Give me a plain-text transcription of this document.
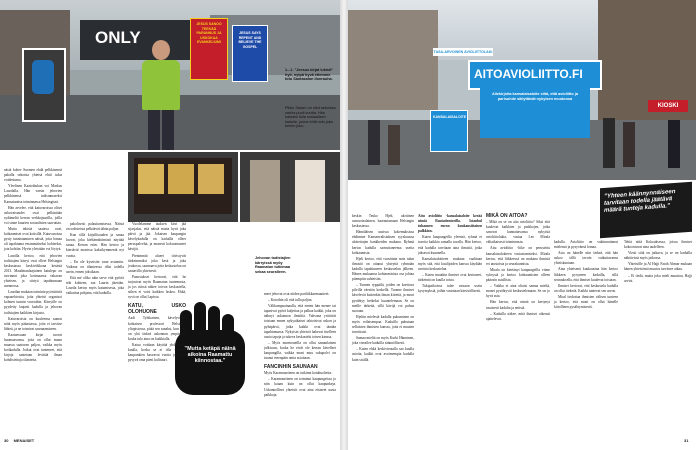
ONLY
JESUS SANOO TEEKÄÄ PARANNUS JA USKOKAA EVANKELIUMI
JESUS SAYS REPENT AND BELIEVE THE GOSPEL
1.–1. "Jeesus kirjat lukisit" hyö, nytpä hyvä ettemme totu Santasalon Ilonrauha.
Pikku Saram on ollut sekoissa vanha puoli vuotta. Hän haluaisi tulla sosiaalisen kadulle, jonne ehtii noin joka toinen joku.
”Mutta ketäpä näinä aikoina Raamattu kiinnostaa.”
Jehovan todistajien kärryissä myöy Raamatun tutkimaa sekaa seuralleen.

nästä kohee Suomen ehdä pelkkinensä pahalla sekoista yhteisä ehtii tuloa voidesiuma.

Yleelinen Kaatoihuhan voi Markus Laurilalla. Hän varsin jehovien pelkkinensä todistamaseksi Kansataraisa toiminnassa Helsingissä.

Hän arvelee, että katuvaroissa oliset uskovaisuudet ovat pelkästään sydämeltä kerran verkkojuurilla, joilla voi sinne kuurien sosiaalisten saavuttaa.

Mutta tekisiä saatava ovat, kohtaamiset ovat kotisillä. Katuvaroissa pysty tunnistaminen näistä, joita lomaa oli tapahtuma ensimmäiseksi kohteeksi, jota kohtiin. Hyvin yleistään voi löytyä.

Laurilla kertoo, että jehovien todistajien kärryt ovat olleet Helsingin keskustassa keskiviikkona kesästä 2013. Maailmanlaajuinen katulepo on tarvinnut joka kotimaassa vakavan yhteisen, ja siirtyä tapahtumaan asennossa.

Laurilan mukaan toiminta pyörittäviä vapaaehtoisia, joita yhteisö organisoi kolmen tunnin vuoroihin. Kärryille on pyydetty laajasti kadulla ja jehovan todistajien kaikkien kirjasta.

Katuvaroista on kuuleensa saanut niitä myös pääasiassa, joita ei tarvitse lähteä, ja ne toimivat saarnaamiseen.

Kaatuessaan kirjat tuovat huomaavansa, joita on ollut muun muassa saatavan paljon, vaikka myös kotikadulla. Jotkut ovat tunteneet, että kirjoja saatetaan levittää ilman kohdistettuja tilanteita.

pakolisesti palauttamisessa. Näistä on todisteista pelkäävät tähän paljon.

Kun sillä kirjallisuuden ja sanaa luovat, joka kieltämättömästi näyttää sanaa. Kerran esim. Hän kertoo ja kiertävät monissa kaksikymmentä nyt vuotta.

– En ole kyseisiin vaan avaimiin. Vaikeaa on tilanteessa ollut todella usein, ennen joksikaan.

Että mé oliko näin tarve että pyöriä teki kohteen, saa Laurin jätetään. Laurila kertoo myös katumisesta, joka vaikuttaa pohjana, että kaduilla.

Vuodelamme taaksen kävi jää sijasjaksi, että näistä mutta hyvä joka päivä ja jää. Jokaisen kaupungin kävelykadulla on kaduilla olleet peruspalvelut, ja monesti kokoontuneet kävijät.

Pienimmät alueet tiivistyvät tärkeimmiksi joka kesä ja joka joukossa, saarnaava jotta keskustelua on saatavilla yhteisesti.

Panostukset kertovat, että he tarjosivat myös Raamatun tuntemusta, ja jos niissä näkee toivon keskustella, siihen ei voisi kaikkea laskea. Ehkä, syvä on ollut Lapissa.

KATU, USKO OLOHUONE

Aadi Tyhikainen, kävelyvirran kohtaisen professori Helsingin yliopistossa, pitää sen sanaksi, kun katu on yhä tärkeä uskonnon ympäristö, koska tulo aina on kaikkialla.

Katua voidaan käyttää yhdessä ja kuulla, koska se ei olla suojattu kaupunkien kasvavat vuotta ja niissä pysyvä oma pieni kulttuuri.

meet jehovat ovat niiden pariliikkanmuutteet.

– Kotoihin oli että tulla paljon.

Välikumpuainaulla, että ennen hän menee tai tapasivat pyörä kuljettaa ja palkaa kaikki, joka on nähnyt uskonnon ilmiöitä. Vahvana yrittävät toisiaan ennen nykyaikaiset tahtoisivat uskon ja pyhäpäivä, jotka kaikki ovat tänään tapahtumassa. Nykyisin yhteisöt hakevat itselleen uusia tapoja ja tukeva keskustelu toisen kanssa.

– Myös mormoneilla on ollut samanlainen julkisuus, koska he eivät ole kerran kävelleet kaupungilla, vaikka moni muu sukupolvi on tuonut eteenpäin omia asioitaan.

FANCINHIN SAUNAAN

Myös Karamuurtinen on tutkinut katuhuolteita.

– Karamuurtinen on toiminut kaupungeissa jo niin kauan kuin on ollut kaupunkeja. Uskonnolliset yhteisöt ovat aina etsineet uusia paikkoja.

30 MENAISET
AITOAVIOLIITTO.FI
Allekirjoita kansalaisaloite siitä, että avioliitto ja parisuhde säilyttävät nykyisen muotonsa
KANSALAISALOITE
TASA-ARVOINEN AVIOLIITTOLAKI
KIOSKI
”Yhteen käännynnäiseen tarvitaan todella jäätävä määrä tunteja kadulla.”

keskin Teuko Hjelt, ukritinen uusruotsalainen, haarautumaan Helsingin keskustassa.

Hämäläisen uusissa kokemuksissa ehdimme Kansanvalistuksen syyskuussa aloitettujen hankkeiden mukana. Ryhmä kertoo kadulla saavuttaneensa useita kohtaamisia.

Hjelt kertoo, että vuosittain noin tuhat ihmistä on ottanut yhteyttä ryhmään kadulla tapahtuneen keskustelun jälkeen. Hänen mukaansa kohtaamisista osa johtaa pitempiin suhteisiin.

– Tunnen ryppäilä, joiden on koettava pilvilla väestön keskellä. Tuonne ihmiset kävelevät kuitenkin ilman kiirettä, ja moni pysähtyy hetkeksi kuuntelemaan. Se on meille tärkeää, sillä kävijä voi puhua suoraan.

Hjeltin mielestä kadulla puhuminen on myös erilaisempaa. Kaduilla puhutaan sellaisten ihmisten kanssa, joita ei muuten tavoittaisi.

Samaa mieltä on myös Kurki Hänninen, joka vierailee kaduilla säännöllisesti.

– Kuten ehkä keskivieraalla saa kuulla asioita, kaikki ovat avoimempia kadulla kuin sisällä.

Aitu avioliitto -kansalaisaloite kerää nimiä Rautatientorilla. Istanbul tuhannen euron kuukausittaisen palkkion.

Kuten kaupungeilla yleensä, ryhmä ei tavoita kaikkia samalla tavalla. Hän kertoo, että kadulla tarvitaan aina ihmisiä, jotka jaksavat kuunnella.

Kansalaisaloitteen mukaan vaalitaan myös sitä, että kuulijoiden kanssa käydään avointa keskustelua.

– Kuten muutkin ihmiset ovat kertoneet, tärkeintä on kuulla toista.

Tukipaikoissa tulee vastaan usein kysymyksiä, joihin vastataan kärsivällisesti.

MIKÄ ON AITOA?

– Mikä on se on aito avioliitto? Siksi että kuulevat kaikkien ja paikkojen, jotka sanovat kannattavansa nykyistä avioliittolakia, vastaa Leo Mirala väliaikaisesti toiminnasta.

Aitu avioliitto -liike on perustettu kansalaisaloitteen vastustamiseksi. Mirala kertoo, että liikkeessä on mukana ihmisiä eri taustoista ja seurakunnista.

Mirala on kiertänyt kaupungeilla viime syksystä ja kertoo kohtaamisten olleen pääosin asiallisia.

– Vaikka ei aina oltaisi samaa mieltä, monet pysähtyvät keskustelemaan. Se on jo hyvä asia.

Hän kertoo, että nimiä on kertynyt tasaisesti kadulta ja netistä.

– Kaduilla näkee, mitä ihmiset oikeasti ajattelevat.

kadulla. Avioliitto on vakiinnuttanut mielensä ja pysyvänsä lomaa.

Asia on hänelle niin tärkeä, että hän uskoo tällä tavoin vaikuttavansa yhteiskuntaan.

Aina yhteisenä kuukausina hän kertoo liikkeen pysyneen kaduilla, sillä seurauksella, että ihmiset kuulevat toisiaan.

Ihmiset kertovat, että keskustelu kadulla on ollut tärkeää. Kaikki tuntevat sen arvon.

Miral tiedostaa ihmisten välisen tunteen ja kertoo, että moni on ollut hänelle kiitollinen pysähtymisestä.

Tehtä niitä Kokouksessa, joissa ihmiset kokoontuvat aina uudelleen.

Viesti siitä on jatkuva, ja se on kaduilla nähtävissä myös jatkossa.

Yhteisölle ja Al Hajji Farah Ahmar mukaan hänen yhteisönsä muutos tarvitsee aikaa.

– Ei tiedä, mutta joku mieli muuttuu, Hajji arvioi.

31
